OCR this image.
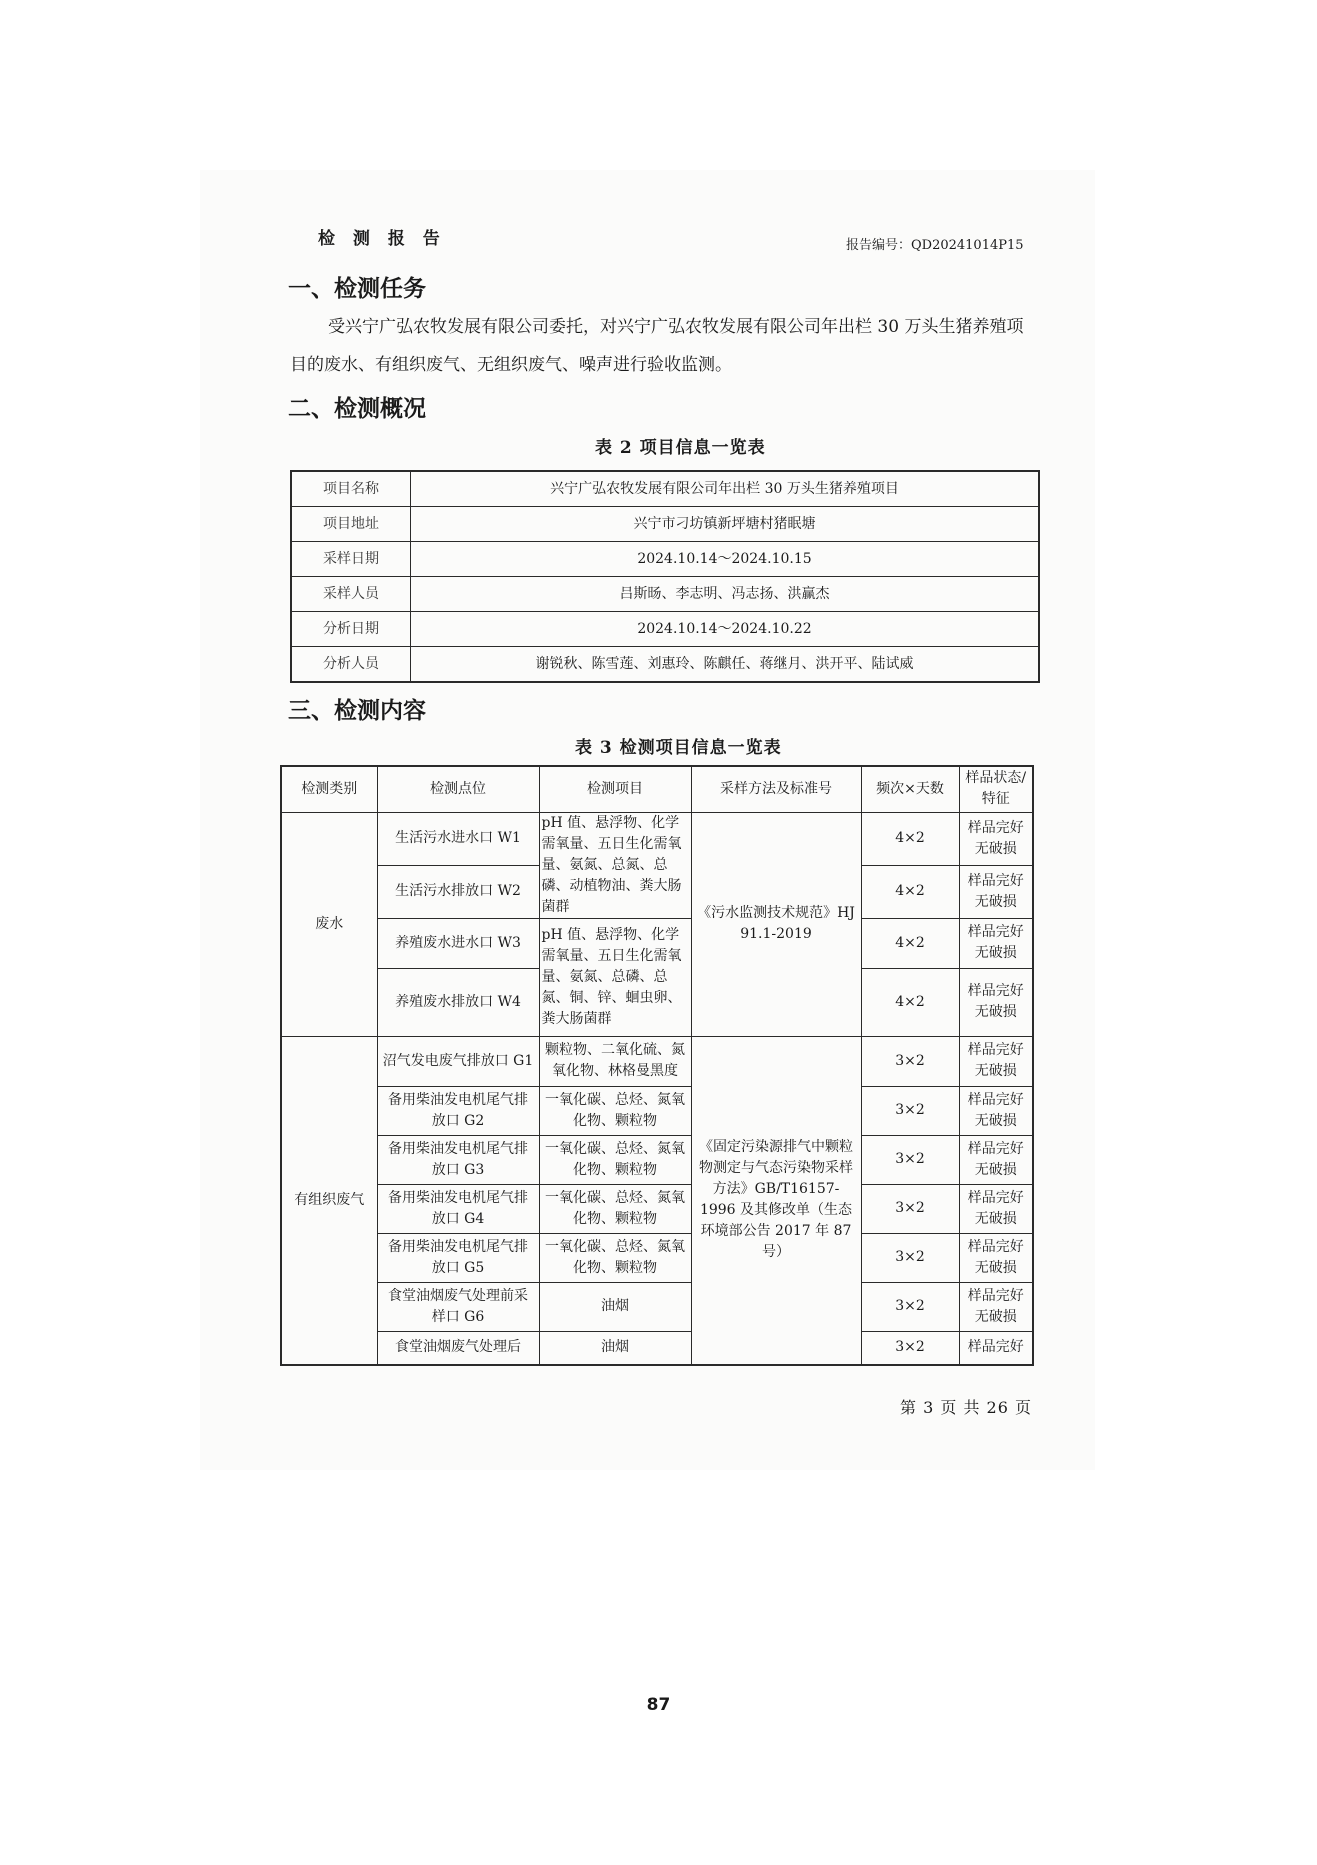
检 测 报 告	报告编号：QD20241014P15
一、检测任务
受兴宁广弘农牧发展有限公司委托，对兴宁广弘农牧发展有限公司年出栏 30 万头生猪养殖项目的废水、有组织废气、无组织废气、噪声进行验收监测。
二、检测概况
表 2 项目信息一览表
项目名称	兴宁广弘农牧发展有限公司年出栏 30 万头生猪养殖项目
项目地址	兴宁市刁坊镇新坪塘村猪眠塘
采样日期	2024.10.14～2024.10.15
采样人员	吕斯旸、李志明、冯志扬、洪赢杰
分析日期	2024.10.14～2024.10.22
分析人员	谢锐秋、陈雪莲、刘惠玲、陈麒任、蒋继月、洪开平、陆试威
三、检测内容
表 3 检测项目信息一览表
检测类别	检测点位	检测项目	采样方法及标准号	频次×天数	样品状态/特征
废水	生活污水进水口 W1	pH 值、悬浮物、化学需氧量、五日生化需氧量、氨氮、总氮、总磷、动植物油、粪大肠菌群	《污水监测技术规范》HJ 91.1-2019	4×2	样品完好无破损
	生活污水排放口 W2			4×2	样品完好无破损
	养殖废水进水口 W3	pH 值、悬浮物、化学需氧量、五日生化需氧量、氨氮、总磷、总氮、铜、锌、蛔虫卵、粪大肠菌群		4×2	样品完好无破损
	养殖废水排放口 W4			4×2	样品完好无破损
有组织废气	沼气发电废气排放口 G1	颗粒物、二氧化硫、氮氧化物、林格曼黑度	《固定污染源排气中颗粒物测定与气态污染物采样方法》GB/T16157-1996 及其修改单（生态环境部公告 2017 年 87 号）	3×2	样品完好无破损
	备用柴油发电机尾气排放口 G2	一氧化碳、总烃、氮氧化物、颗粒物		3×2	样品完好无破损
	备用柴油发电机尾气排放口 G3	一氧化碳、总烃、氮氧化物、颗粒物		3×2	样品完好无破损
	备用柴油发电机尾气排放口 G4	一氧化碳、总烃、氮氧化物、颗粒物		3×2	样品完好无破损
	备用柴油发电机尾气排放口 G5	一氧化碳、总烃、氮氧化物、颗粒物		3×2	样品完好无破损
	食堂油烟废气处理前采样口 G6	油烟		3×2	样品完好无破损
	食堂油烟废气处理后	油烟		3×2	样品完好
第 3 页 共 26 页
87
